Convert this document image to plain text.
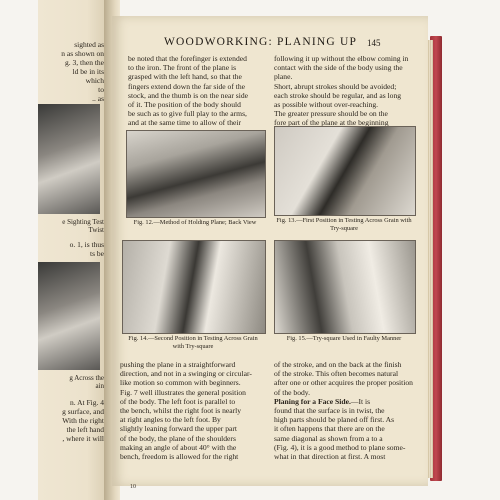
sighted as
n as shown on
g. 3, then the
ld be in its
which
to
.. as
e Sighting Test
Twist
o. 1, is thus
ts be
g Across the
ain
n. At Fig. 4
g surface, and
With the right
the left hand
, where it will
WOODWORKING: PLANING UP 145

be noted that the forefinger is extended

to the iron. The front of the plane is

grasped with the left hand, so that the

fingers extend down the far side of the

stock, and the thumb is on the near side

of it. The position of the body should

be such as to give full play to the arms,

and at the same time to allow of their

following it up without the elbow coming in

contact with the side of the body using the

plane.

Short, abrupt strokes should be avoided;

each stroke should be regular, and as long

as possible without over-reaching.

The greater pressure should be on the

fore part of the plane at the beginning

Fig. 12.—Method of Holding Plane; Back View	Fig. 13.—First Position in Testing Across Grain with Try-square
Fig. 14.—Second Position in Testing Across Grain with Try-square
Fig. 15.—Try-square Used in Faulty Manner

pushing the plane in a straightforward

direction, and not in a swinging or circular-

like motion so common with beginners.

Fig. 7 well illustrates the general position

of the body. The left foot is parallel to

the bench, whilst the right foot is nearly

at right angles to the left foot. By

slightly leaning forward the upper part

of the body, the plane of the shoulders

making an angle of about 40° with the

bench, freedom is allowed for the right

of the stroke, and on the back at the finish

of the stroke. This often becomes natural

after one or other acquires the proper position

of the body.

Planing for a Face Side.—It is

found that the surface is in twist, the

high parts should be planed off first. As

it often happens that there are on the

same diagonal as shown from a to a

(Fig. 4), it is a good method to plane some-

what in that direction at first. A most

10
